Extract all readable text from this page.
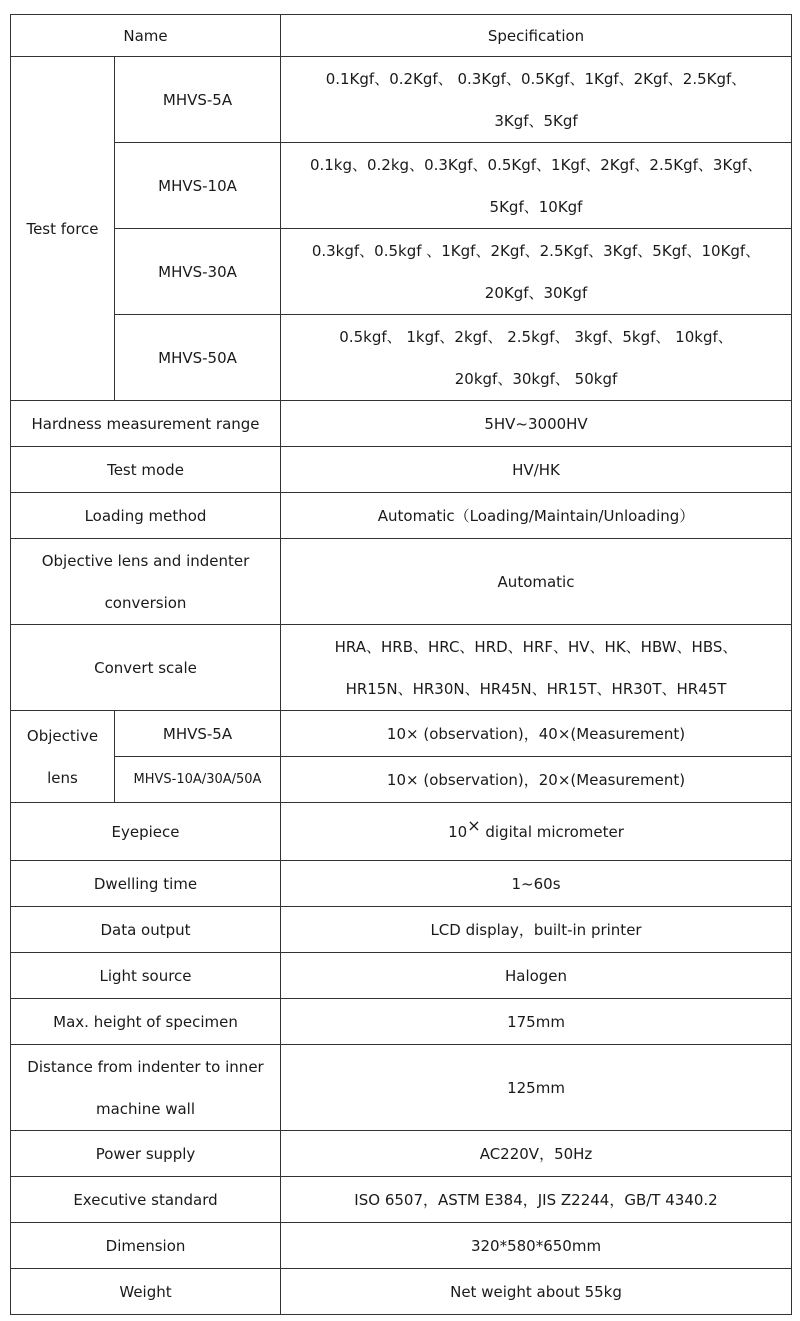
Name		Specification
Test force	MHVS-5A	0.1Kgf、0.2Kgf、 0.3Kgf、0.5Kgf、1Kgf、2Kgf、2.5Kgf、
3Kgf、5Kgf
	MHVS-10A	0.1kg、0.2kg、0.3Kgf、0.5Kgf、1Kgf、2Kgf、2.5Kgf、3Kgf、
5Kgf、10Kgf
	MHVS-30A	0.3kgf、0.5kgf 、1Kgf、2Kgf、2.5Kgf、3Kgf、5Kgf、10Kgf、
20Kgf、30Kgf
	MHVS-50A	0.5kgf、 1kgf、2kgf、 2.5kgf、 3kgf、5kgf、 10kgf、
20kgf、30kgf、 50kgf
Hardness measurement range		5HV~3000HV
Test mode		HV/HK
Loading method		Automatic（Loading/Maintain/Unloading）
Objective lens and indenter
conversion		Automatic
Convert scale		HRA、HRB、HRC、HRD、HRF、HV、HK、HBW、HBS、
HR15N、HR30N、HR45N、HR15T、HR30T、HR45T
Objective
lens	MHVS-5A	10× (observation)，40×(Measurement)
	MHVS-10A/30A/50A	10× (observation)，20×(Measurement)
Eyepiece		10× digital micrometer
Dwelling time		1~60s
Data output		LCD display，built-in printer
Light source		Halogen
Max. height of specimen		175mm
Distance from indenter to inner
machine wall		125mm
Power supply		AC220V，50Hz
Executive standard		ISO 6507，ASTM E384，JIS Z2244，GB/T 4340.2
Dimension		320*580*650mm
Weight		Net weight about 55kg
